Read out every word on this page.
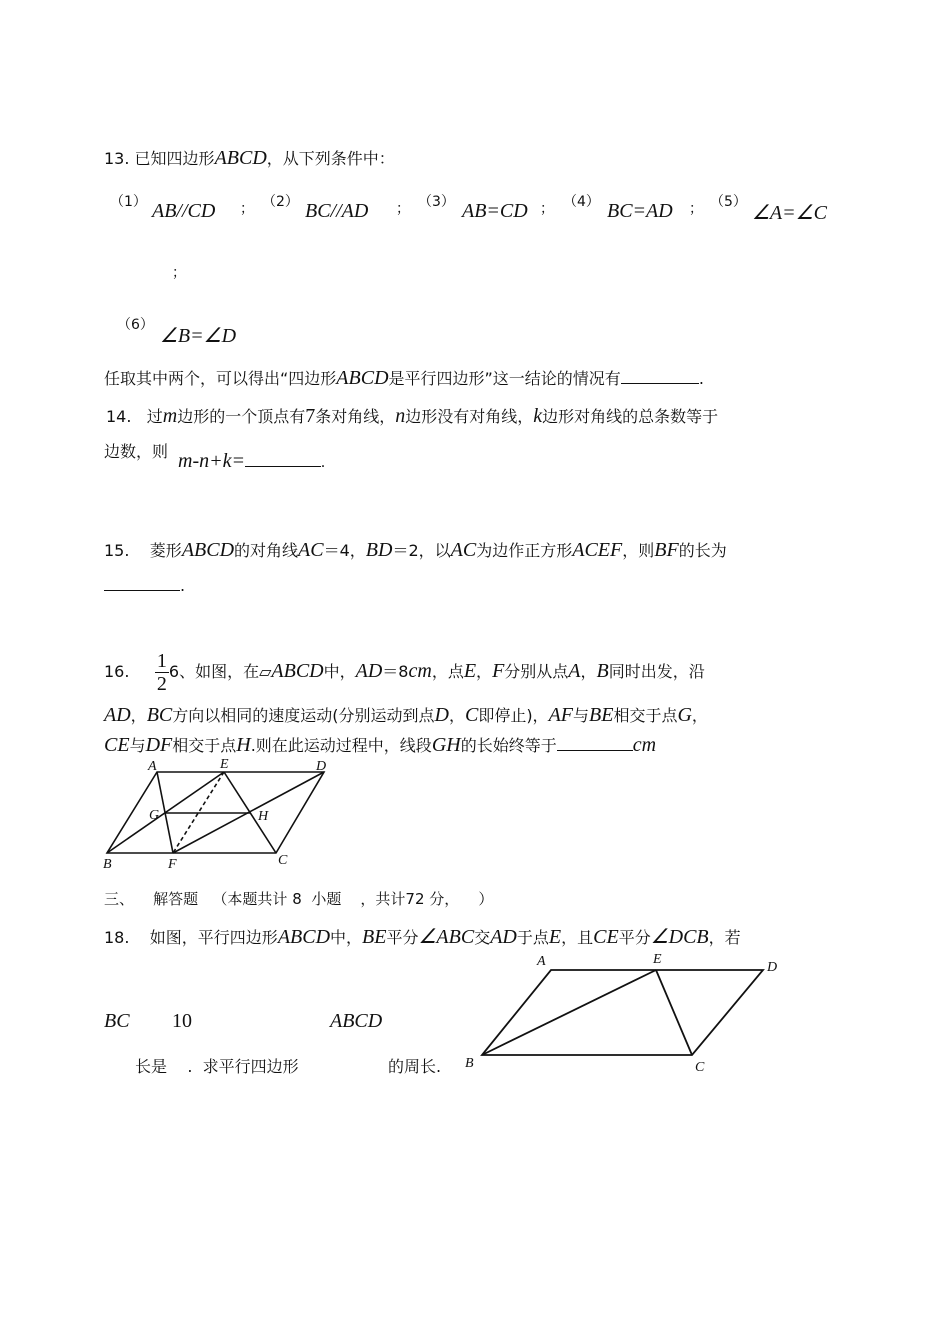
13. 已知四边形ABCD，从下列条件中：
（1） AB//CD ； （2） BC//AD ； （3） AB=CD ； （4） BC=AD ； （5） ∠A=∠C
；
（6） ∠B=∠D
任取其中两个，可以得出“四边形ABCD是平行四边形”这一结论的情况有	.
14. 过m边形的一个顶点有7条对角线，n边形没有对角线，k边形对角线的总条数等于
边数，则 m-n+k=	.
15. 菱形ABCD的对角线AC＝4，BD＝2，以AC为边作正方形ACEF，则BF的长为
.
16. $\frac{1}{2} 6$、如图，在▱ABCD中，AD＝8cm，点E，F分别从点A，B同时出发，沿
AD，BC方向以相同的速度运动(分别运动到点D，C即停止)，AF与BE相交于点G，
CE与DF相交于点H.则在此运动过程中，线段GH的长始终等于	cm
A	E	D
G	H
B	F	C
三、 解答题 （本题共计 8 小题 ，共计72 分， ）
18. 如图，平行四边形ABCD中，BE平分∠ABC交AD于点E，且CE平分∠DCB，若
BC 10	ABCD
长是 . 求平行四边形	的周长.
A	E
D
B	C
